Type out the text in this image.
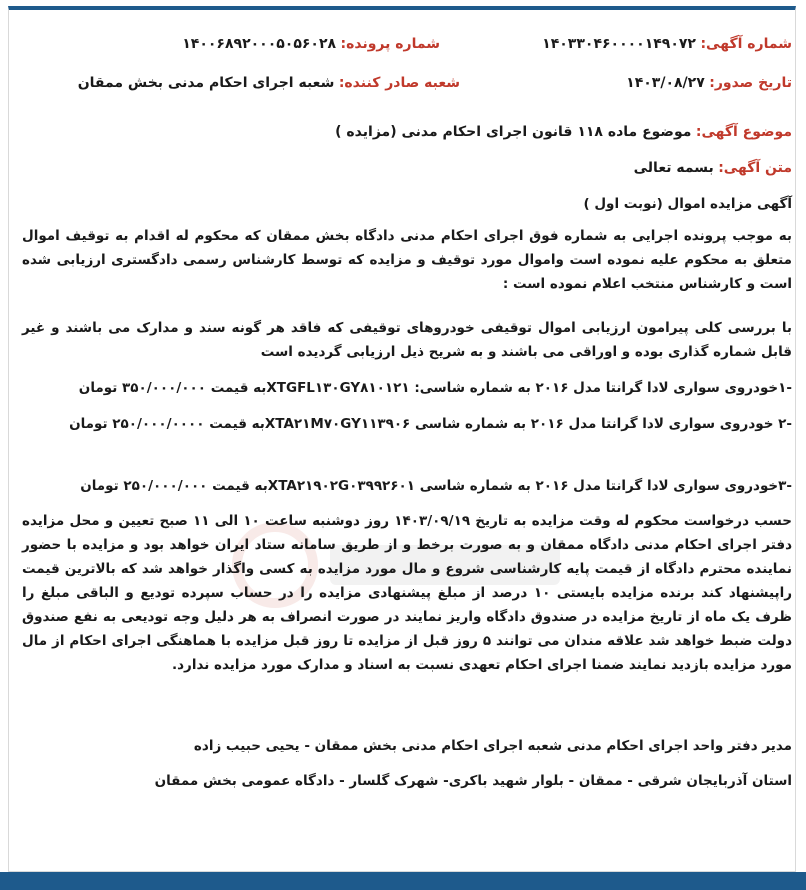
شماره آگهی: ۱۴۰۳۳۰۴۶۰۰۰۰۱۴۹۰۷۲
شماره پرونده: ۱۴۰۰۶۸۹۲۰۰۰۵۰۵۶۰۲۸
تاریخ صدور: ۱۴۰۳/۰۸/۲۷
شعبه صادر کننده: شعبه اجرای احکام مدنی بخش ممقان
موضوع آگهی: موضوع ماده ۱۱۸ قانون اجرای احکام مدنی (مزایده )
متن آگهی: بسمه تعالی
آگهی مزایده اموال (نوبت اول )
به موجب پرونده اجرایی به شماره فوق اجرای احکام مدنی دادگاه بخش ممقان که محکوم له اقدام به توقیف اموال متعلق به محکوم علیه نموده است واموال مورد توقیف و مزایده که توسط کارشناس رسمی دادگستری ارزیابی شده است و کارشناس منتخب اعلام نموده است :
با بررسی کلی پیرامون ارزیابی اموال توقیفی خودروهای توقیفی که فاقد هر گونه سند و مدارک می باشند و غیر قابل شماره گذاری بوده و اوراقی می باشند و به شریح ذیل ارزیابی گردیده است
-۱خودروی سواری لادا گرانتا مدل ۲۰۱۶ به شماره شاسی: XTGFL۱۳۰GY۸۱۰۱۲۱به قیمت ۳۵۰/۰۰۰/۰۰۰ تومان
-۲ خودروی سواری لادا گرانتا مدل ۲۰۱۶ به شماره شاسی XTA۲۱M۷۰GY۱۱۳۹۰۶به قیمت ۲۵۰/۰۰۰/۰۰۰۰ تومان
-۳خودروی سواری لادا گرانتا مدل ۲۰۱۶ به شماره شاسی XTA۲۱۹۰۲G۰۳۹۹۲۶۰۱به قیمت ۲۵۰/۰۰۰/۰۰۰ تومان
حسب درخواست محکوم له وقت مزایده به تاریخ ۱۴۰۳/۰۹/۱۹ روز دوشنبه ساعت ۱۰ الی ۱۱ صبح تعیین و محل مزایده دفتر اجرای احکام مدنی دادگاه ممقان و به صورت برخط و از طریق سامانه ستاد ایران خواهد بود و مزایده با حضور نمایندە محترم دادگاه از قیمت پایه کارشناسی شروع و مال مورد مزایده به کسی واگذار خواهد شد که بالاترین قیمت راپیشنهاد کند برنده مزایده بایستی ۱۰ درصد از مبلغ پیشنهادی مزایده را در حساب سپرده تودیع و الباقی مبلغ را ظرف یک ماه از تاریخ مزایده در صندوق دادگاه واریز نمایند در صورت انصراف به هر دلیل وجه تودیعی به نفع صندوق دولت ضبط خواهد شد علاقه مندان می توانند ۵ روز قبل از مزایده تا روز قبل مزایده با هماهنگی اجرای احکام از مال مورد مزایده بازدید نمایند ضمنا اجرای احکام تعهدی نسبت به اسناد و مدارک مورد مزایده ندارد.
مدیر دفتر واحد اجرای احکام مدنی شعبه اجرای احکام مدنی بخش ممقان - یحیی حبیب زاده
استان آذربایجان شرقی - ممقان - بلوار شهید باکری- شهرک گلسار - دادگاه عمومی بخش ممقان
